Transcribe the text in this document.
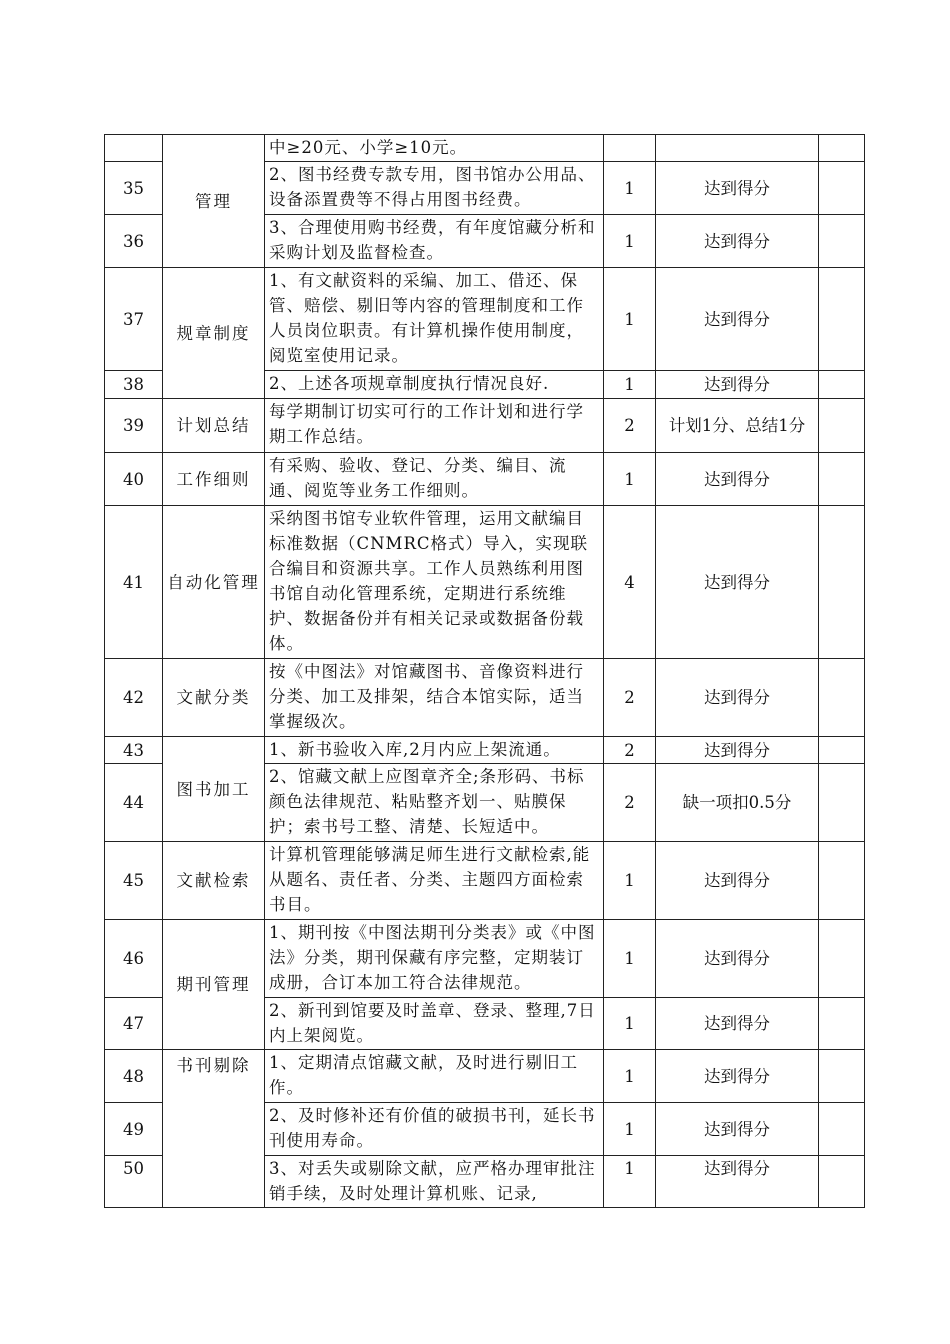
	管理	中≥20元、小学≥10元。			
35		2、图书经费专款专用，图书馆办公用品、设备添置费等不得占用图书经费。	1	达到得分	
36		3、合理使用购书经费，有年度馆藏分析和采购计划及监督检查。	1	达到得分	
37	规章制度	1、有文献资料的采编、加工、借还、保管、赔偿、剔旧等内容的管理制度和工作人员岗位职责。有计算机操作使用制度，阅览室使用记录。	1	达到得分	
38		2、上述各项规章制度执行情况良好.	1	达到得分	
39	计划总结	每学期制订切实可行的工作计划和进行学期工作总结。	2	计划1分、总结1分	
40	工作细则	有采购、验收、登记、分类、编目、流通、阅览等业务工作细则。	1	达到得分	
41	自动化管理	采纳图书馆专业软件管理，运用文献编目标准数据（CNMRC格式）导入，实现联合编目和资源共享。工作人员熟练利用图书馆自动化管理系统，定期进行系统维护、数据备份并有相关记录或数据备份载体。	4	达到得分	
42	文献分类	按《中图法》对馆藏图书、音像资料进行分类、加工及排架，结合本馆实际，适当掌握级次。	2	达到得分	
43	图书加工	1、新书验收入库,2月内应上架流通。	2	达到得分	
44		2、馆藏文献上应图章齐全;条形码、书标颜色法律规范、粘贴整齐划一、贴膜保护；索书号工整、清楚、长短适中。	2	缺一项扣0.5分	
45	文献检索	计算机管理能够满足师生进行文献检索,能从题名、责任者、分类、主题四方面检索书目。	1	达到得分	
46	期刊管理	1、期刊按《中图法期刊分类表》或《中图法》分类，期刊保藏有序完整，定期装订成册，合订本加工符合法律规范。	1	达到得分	
47		2、新刊到馆要及时盖章、登录、整理,7日内上架阅览。	1	达到得分	
48	书刊剔除	1、定期清点馆藏文献，及时进行剔旧工作。	1	达到得分	
49		2、及时修补还有价值的破损书刊，延长书刊使用寿命。	1	达到得分	
50		3、对丢失或剔除文献，应严格办理审批注销手续，及时处理计算机账、记录,	1	达到得分	
